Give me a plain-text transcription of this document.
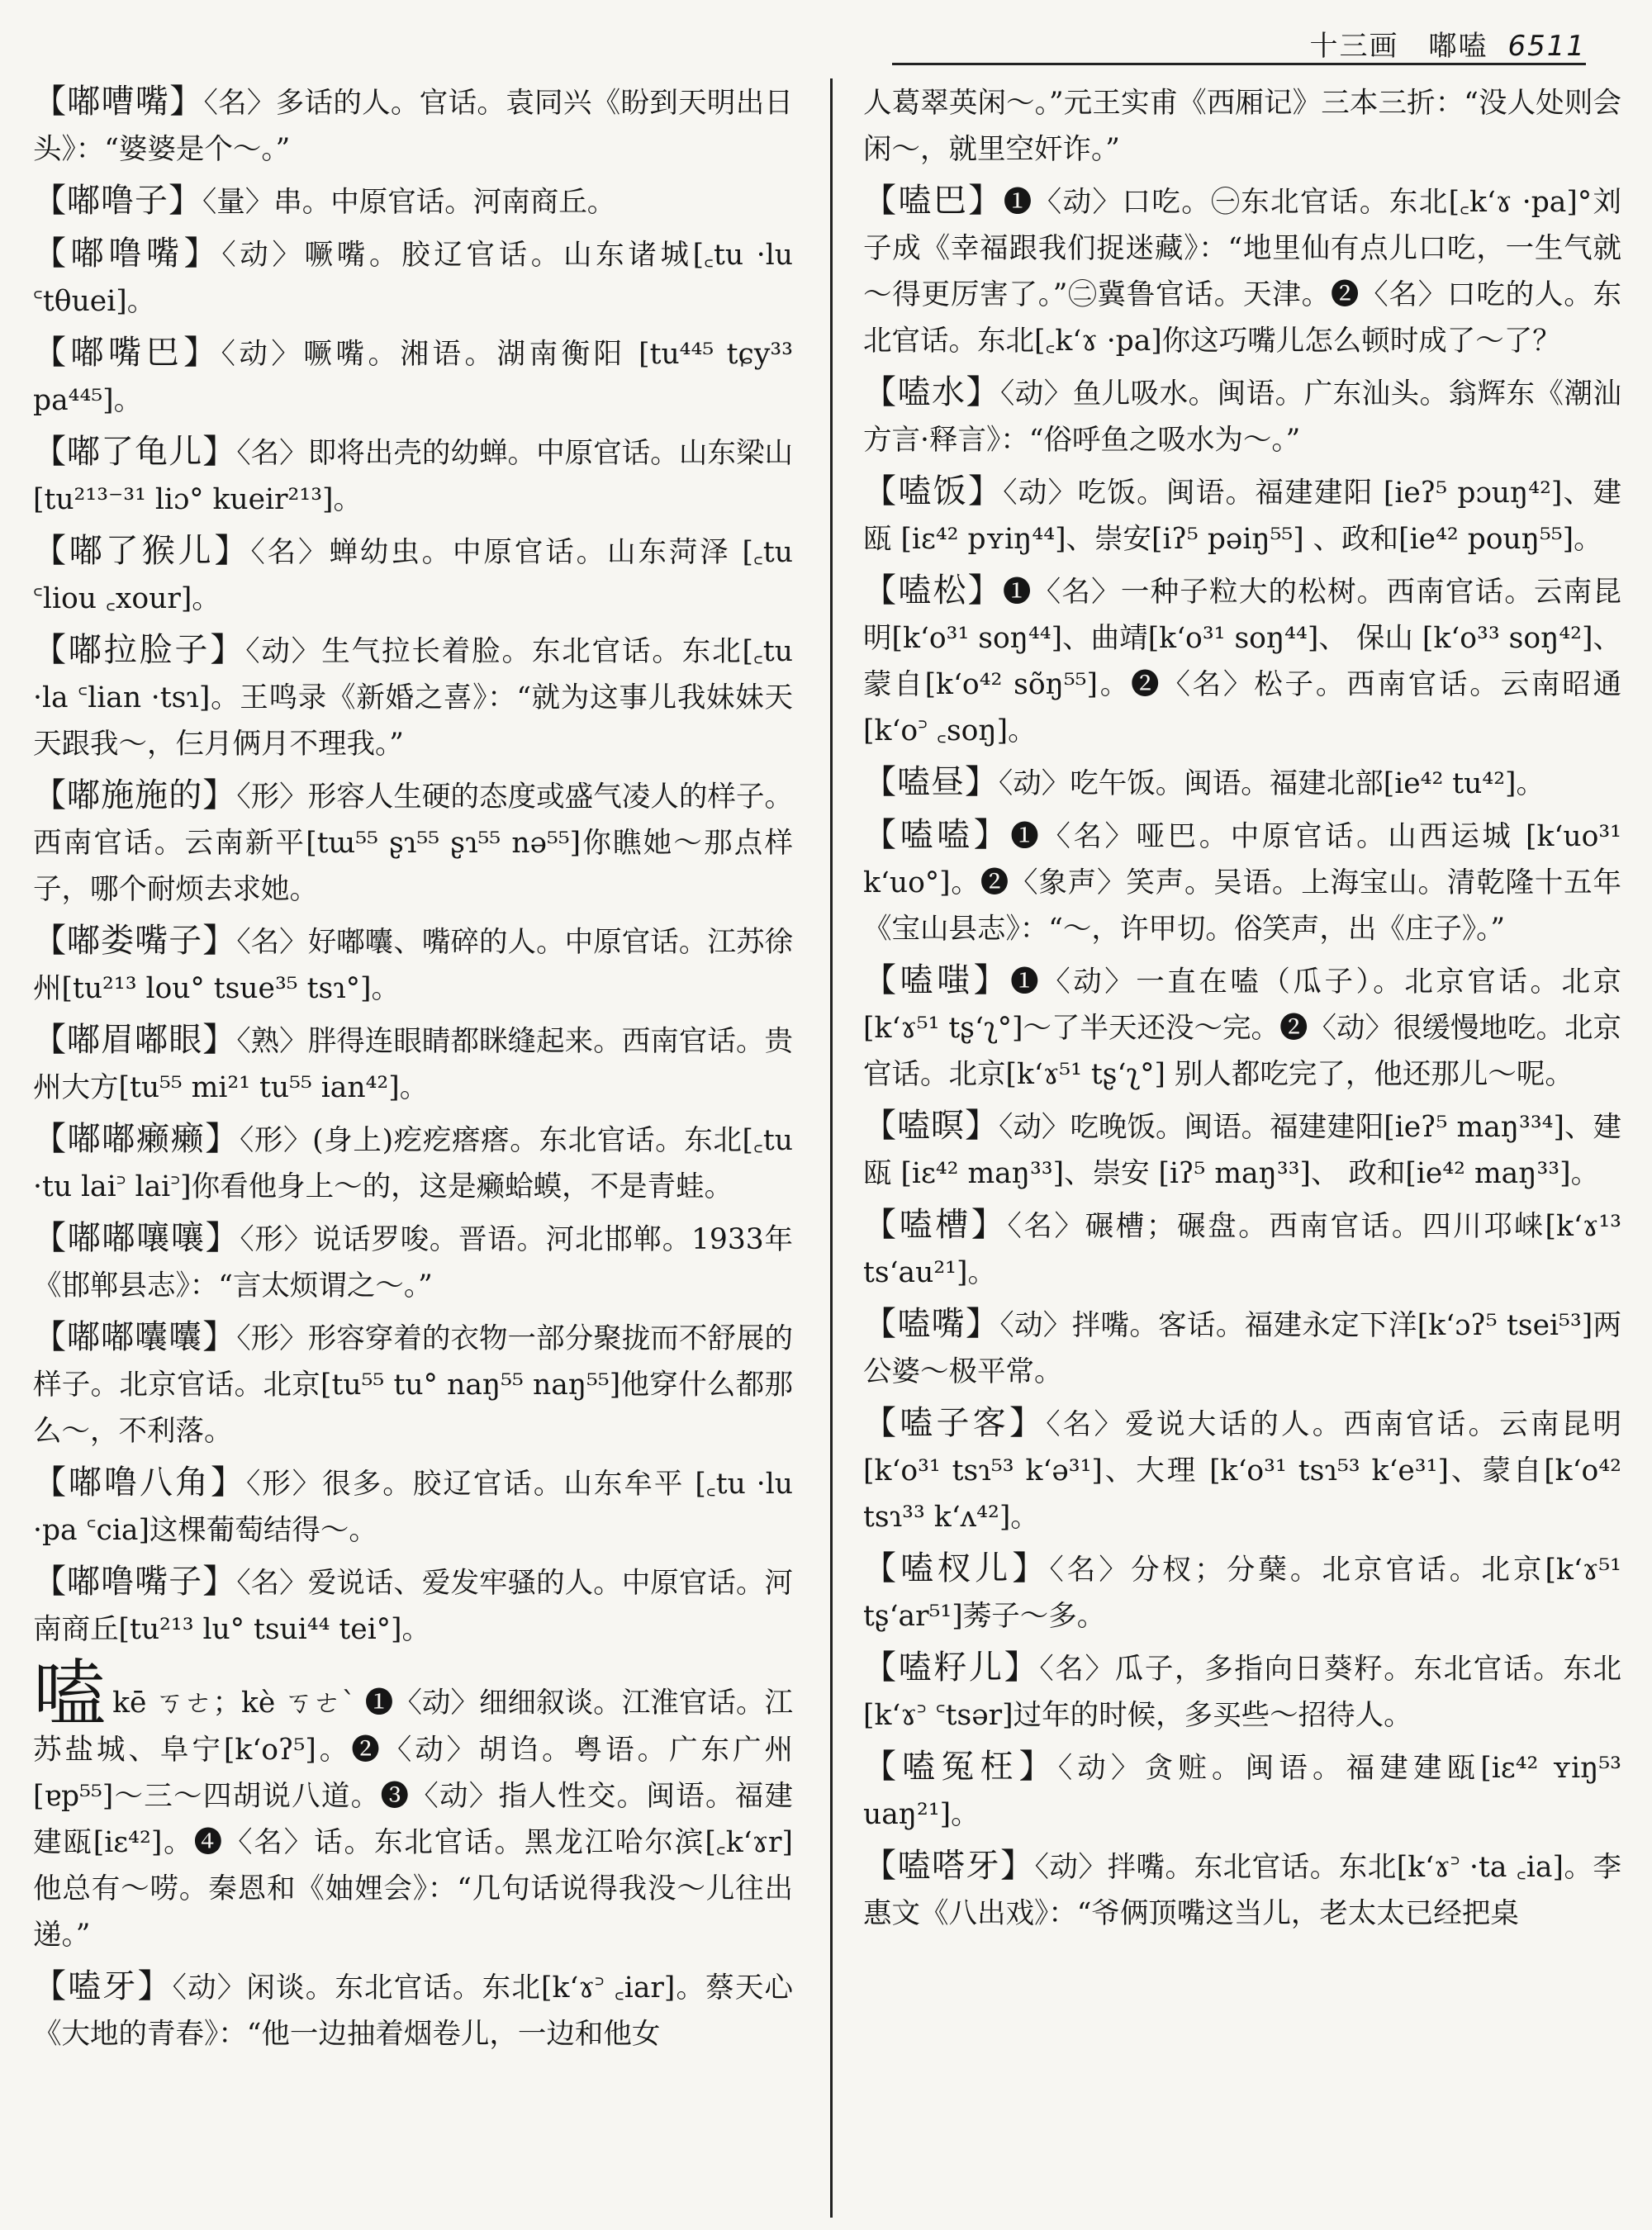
十三画　嘟嗑 6511
【嘟嘈嘴】〈名〉多话的人。官话。袁同兴《盼到天明出日头》：“婆婆是个～。”
【嘟噜子】〈量〉串。中原官话。河南商丘。
【嘟噜嘴】〈动〉噘嘴。胶辽官话。山东诸城[꜀tu ·lu ꜂tθuei]。
【嘟嘴巴】〈动〉噘嘴。湘语。湖南衡阳 [tu⁴⁴⁵ tɕy³³ pa⁴⁴⁵]。
【嘟了龟儿】〈名〉即将出壳的幼蝉。中原官话。山东梁山[tu²¹³⁻³¹ liɔ° kueir²¹³]。
【嘟了猴儿】〈名〉蝉幼虫。中原官话。山东菏泽 [꜀tu ꜂liou ꜀xour]。
【嘟拉脸子】〈动〉生气拉长着脸。东北官话。东北[꜀tu ·la ꜂lian ·tsɿ]。王鸣录《新婚之喜》：“就为这事儿我妹妹天天跟我～，仨月俩月不理我。”
【嘟施施的】〈形〉形容人生硬的态度或盛气凌人的样子。西南官话。云南新平[tɯ⁵⁵ ʂɿ⁵⁵ ʂɿ⁵⁵ nə⁵⁵]你瞧她～那点样子，哪个耐烦去求她。
【嘟娄嘴子】〈名〉好嘟囔、嘴碎的人。中原官话。江苏徐州[tu²¹³ lou° tsue³⁵ tsɿ°]。
【嘟眉嘟眼】〈熟〉胖得连眼睛都眯缝起来。西南官话。贵州大方[tu⁵⁵ mi²¹ tu⁵⁵ ian⁴²]。
【嘟嘟癞癞】〈形〉(身上)疙疙瘩瘩。东北官话。东北[꜀tu ·tu lai꜄ lai꜄]你看他身上～的，这是癞蛤蟆，不是青蛙。
【嘟嘟嚷嚷】〈形〉说话罗唆。晋语。河北邯郸。1933年《邯郸县志》：“言太烦谓之～。”
【嘟嘟囔囔】〈形〉形容穿着的衣物一部分聚拢而不舒展的样子。北京官话。北京[tu⁵⁵ tu° naŋ⁵⁵ naŋ⁵⁵]他穿什么都那么～，不利落。
【嘟噜八角】〈形〉很多。胶辽官话。山东牟平 [꜀tu ·lu ·pa ꜂cia]这棵葡萄结得～。
【嘟噜嘴子】〈名〉爱说话、爱发牢骚的人。中原官话。河南商丘[tu²¹³ lu° tsui⁴⁴ tei°]。
嗑kē ㄎㄜ；kè ㄎㄜˋ ❶〈动〉细细叙谈。江淮官话。江苏盐城、阜宁[k‘oʔ⁵]。❷〈动〉胡诌。粤语。广东广州[ɐp⁵⁵]～三～四胡说八道。❸〈动〉指人性交。闽语。福建建瓯[iɛ⁴²]。❹〈名〉话。东北官话。黑龙江哈尔滨[꜀k‘ɤr] 他总有～唠。秦恩和《妯娌会》：“几句话说得我没～儿往出递。”
【嗑牙】〈动〉闲谈。东北官话。东北[k‘ɤ꜄ ꜀iar]。蔡天心《大地的青春》：“他一边抽着烟卷儿，一边和他女
人葛翠英闲～。”元王实甫《西厢记》三本三折：“没人处则会闲～，就里空奸诈。”
【嗑巴】❶〈动〉口吃。㊀东北官话。东北[꜀k‘ɤ ·pa]°刘子成《幸福跟我们捉迷藏》：“地里仙有点儿口吃，一生气就～得更厉害了。”㊁冀鲁官话。天津。❷〈名〉口吃的人。东北官话。东北[꜀k‘ɤ ·pa]你这巧嘴儿怎么顿时成了～了？
【嗑水】〈动〉鱼儿吸水。闽语。广东汕头。翁辉东《潮汕方言·释言》：“俗呼鱼之吸水为～。”
【嗑饭】〈动〉吃饭。闽语。福建建阳 [ieʔ⁵ pɔuŋ⁴²]、建瓯 [iɛ⁴² pʏiŋ⁴⁴]、崇安[iʔ⁵ pəiŋ⁵⁵] 、政和[ie⁴² pouŋ⁵⁵]。
【嗑松】❶〈名〉一种子粒大的松树。西南官话。云南昆明[k‘o³¹ soŋ⁴⁴]、曲靖[k‘o³¹ soŋ⁴⁴]、 保山 [k‘o³³ soŋ⁴²]、蒙自[k‘o⁴² sõŋ⁵⁵]。❷〈名〉松子。西南官话。云南昭通[k‘o꜄ ꜀soŋ]。
【嗑昼】〈动〉吃午饭。闽语。福建北部[ie⁴² tu⁴²]。
【嗑嗑】❶〈名〉哑巴。中原官话。山西运城 [k‘uo³¹ k‘uo°]。❷〈象声〉笑声。吴语。上海宝山。清乾隆十五年《宝山县志》：“～，许甲切。俗笑声，出《庄子》。”
【嗑嗤】❶〈动〉一直在嗑（瓜子）。北京官话。北京[k‘ɤ⁵¹ tʂ‘ʅ°]～了半天还没～完。❷〈动〉很缓慢地吃。北京官话。北京[k‘ɤ⁵¹ tʂ‘ʅ°] 别人都吃完了，他还那儿～呢。
【嗑暝】〈动〉吃晚饭。闽语。福建建阳[ieʔ⁵ maŋ³³⁴]、建瓯 [iɛ⁴² maŋ³³]、崇安 [iʔ⁵ maŋ³³]、 政和[ie⁴² maŋ³³]。
【嗑槽】〈名〉碾槽；碾盘。西南官话。四川邛崃[k‘ɤ¹³ ts‘au²¹]。
【嗑嘴】〈动〉拌嘴。客话。福建永定下洋[k‘ɔʔ⁵ tsei⁵³]两公婆～极平常。
【嗑子客】〈名〉爱说大话的人。西南官话。云南昆明[k‘o³¹ tsɿ⁵³ k‘ə³¹]、大理 [k‘o³¹ tsɿ⁵³ k‘e³¹]、蒙自[k‘o⁴² tsɿ³³ k‘ʌ⁴²]。
【嗑杈儿】〈名〉分杈；分蘖。北京官话。北京[k‘ɤ⁵¹ tʂ‘ar⁵¹]莠子～多。
【嗑籽儿】〈名〉瓜子，多指向日葵籽。东北官话。东北[k‘ɤ꜄ ꜂tsər]过年的时候，多买些～招待人。
【嗑冤枉】〈动〉贪赃。闽语。福建建瓯[iɛ⁴² ʏiŋ⁵³ uaŋ²¹]。
【嗑嗒牙】〈动〉拌嘴。东北官话。东北[k‘ɤ꜄ ·ta ꜀ia]。李惠文《八出戏》：“爷俩顶嘴这当儿，老太太已经把桌
